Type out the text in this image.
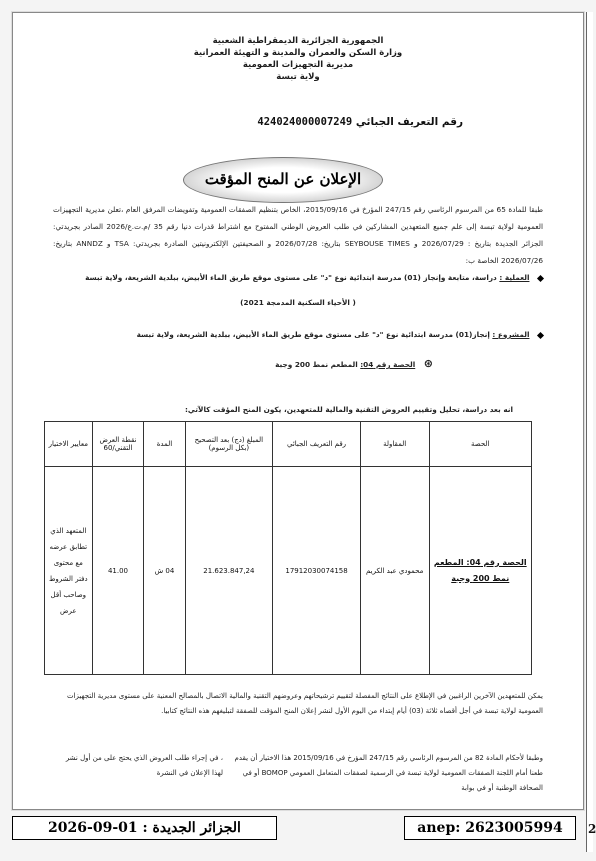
الجمهورية الجزائرية الديمقراطية الشعبية
وزارة السكن والعمران والمدينة و التهيئة العمرانية
مديرية التجهيزات العمومية
ولاية تبسة
رقم التعريف الجبائي 424024000007249
الإعلان عن المنح المؤقت
طبقا للمادة 65 من المرسوم الرئاسي رقم 247/15 المؤرخ في 2015/09/16، الخاص بتنظيم الصفقات العمومية وتفويضات المرفق العام ،تعلن مديرية التجهيزات العمومية لولاية تبسة إلى علم جميع المتعهدين المشاركين في طلب العروض الوطني المفتوح مع اشتراط قدرات دنيا رقم 35 /م.ت.ع/2026 الصادر بجريدتي: الجزائر الجديدة بتاريخ : 2026/07/29 و SEYBOUSE TIMES بتاريخ: 2026/07/28 و الصحيفتين الإلكترونيتين الصادرة بجريدتي: TSA و ANNDZ بتاريخ: 2026/07/26 الخاصة ب:
العملية : دراسة، متابعة وإنجاز (01) مدرسة ابتدائية نوع "د" على مستوى موقع طريق الماء الأبيض، ببلدية الشريعة، ولاية تبسة
( الأحياء السكنية المدمجة 2021)
المشروع : إنجاز(01) مدرسة ابتدائية نوع "د" على مستوى موقع طريق الماء الأبيض، ببلدية الشريعة، ولاية تبسة
⊛ الحصة رقم 04: المطعم نمط 200 وجبة
انه بعد دراسة، تحليل وتقييم العروض التقنية والمالية للمتعهدين، يكون المنح المؤقت كالآتي:
يمكن للمتعهدين الآخرين الراغبين في الإطلاع على النتائج المفصلة لتقييم ترشيحاتهم وعروضهم التقنية والمالية الاتصال بالمصالح المعنية على مستوى مديرية التجهيزات العمومية لولاية تبسة في أجل أقصاه ثلاثة (03) أيام إبتداء من اليوم الأول لنشر إعلان المنح المؤقت للصفقة لتبليغهم هذه النتائج كتابيا.
وطبقا لأحكام المادة 82 من المرسوم الرئاسي رقم 247/15 المؤرخ في 2015/09/16 هذا الاختيار أن يقدم طعنا أمام اللجنة الصفقات العمومية لولاية تبسة في الرسمية لصفقات المتعامل العمومي BOMOP أو في الصحافة الوطنية أو في بوابة
، في إجراء طلب العروض الذي يحتج على من أول نشر لهذا الإعلان في النشرة
الحصة	المقاولة	رقم التعريف الجبائي	المبلغ (دج) بعد التصحيح (بكل الرسوم)	المدة	نقطة العرض التقني/60	معايير الاختيار
الحصة رقم 04: المطعم نمط 200 وجبة	محمودي عبد الكريم	17912030074158	21.623.847,24	04 ش	41.00	المتعهد الذي تطابق عرضه مع محتوى دفتر الشروط وصاحب أقل عرض
2
الجزائر الجديدة : 01-09-2026	anep: 2623005994
